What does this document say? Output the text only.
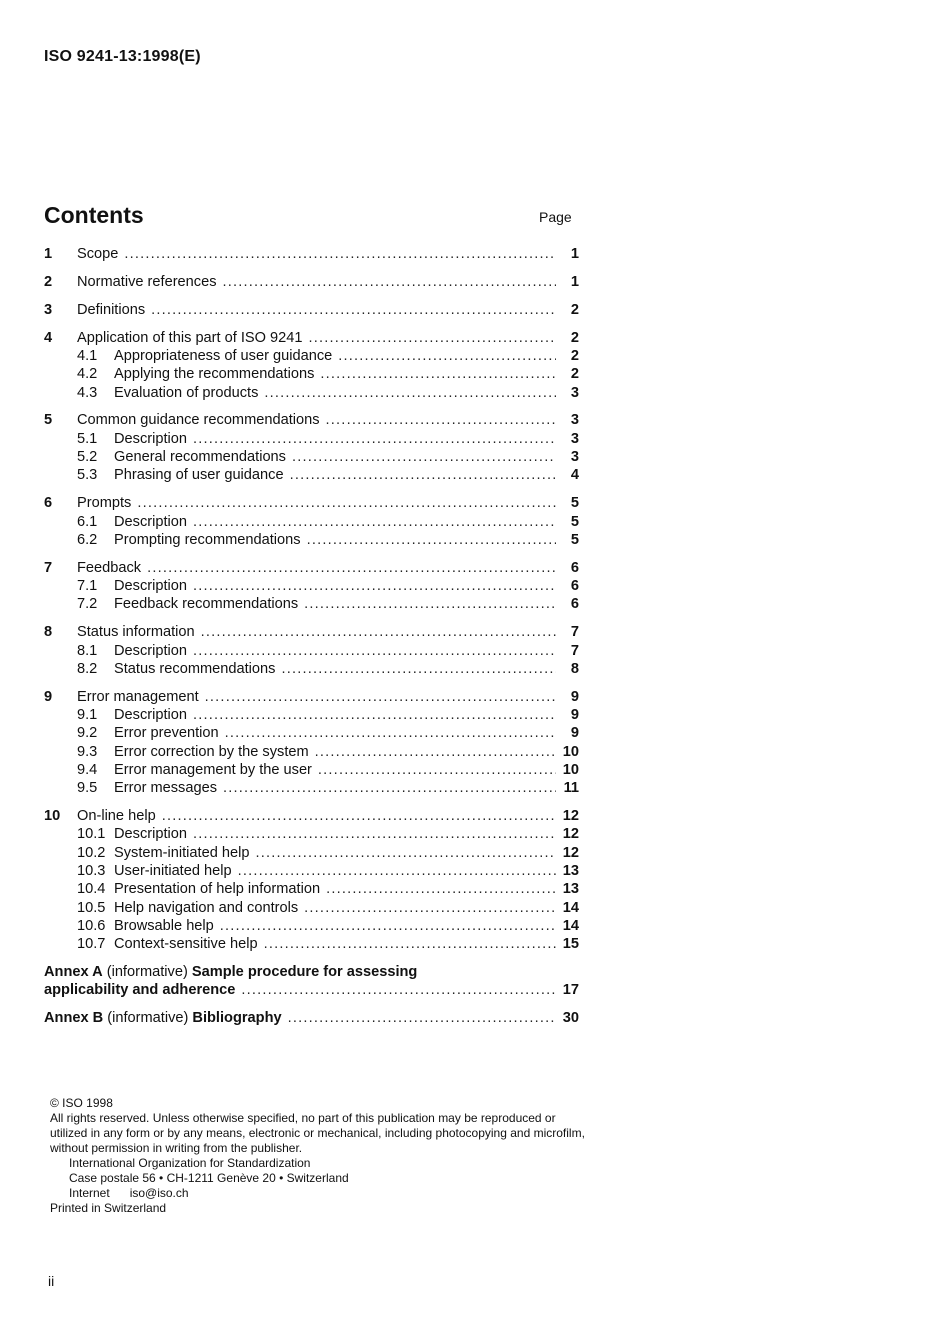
ISO 9241-13:1998(E)
Contents	Page
1	Scope .....	1
2	Normative references .....	1
3	Definitions .....	2
4	Application of this part of ISO 9241 .....	2
4.1	Appropriateness of user guidance .....	2
4.2	Applying the recommendations .....	2
4.3	Evaluation of products .....	3
5	Common guidance recommendations .....	3
5.1	Description .....	3
5.2	General recommendations .....	3
5.3	Phrasing of user guidance .....	4
6	Prompts .....	5
6.1	Description .....	5
6.2	Prompting recommendations .....	5
7	Feedback .....	6
7.1	Description .....	6
7.2	Feedback recommendations .....	6
8	Status information .....	7
8.1	Description .....	7
8.2	Status recommendations .....	8
9	Error management .....	9
9.1	Description .....	9
9.2	Error prevention .....	9
9.3	Error correction by the system .....	10
9.4	Error management by the user .....	10
9.5	Error messages .....	11
10	On-line help .....	12
10.1 Description .....	12
10.2 System-initiated help .....	12
10.3 User-initiated help .....	13
10.4 Presentation of help information .....	13
10.5 Help navigation and controls .....	14
10.6 Browsable help .....	14
10.7 Context-sensitive help .....	15
Annex A
(informative)
Sample procedure for assessing
applicability and adherence .....	17
Annex B (informative) Bibliography .....	30

© ISO 1998

All rights reserved. Unless otherwise specified, no part of this publication may be reproduced or utilized in any form or by any means, electronic or mechanical, including photocopying and microfilm, without permission in writing from the publisher.

International Organization for Standardization

Case postale 56 • CH-1211 Genève 20 • Switzerland

Internet      iso@iso.ch

Printed in Switzerland

ii
